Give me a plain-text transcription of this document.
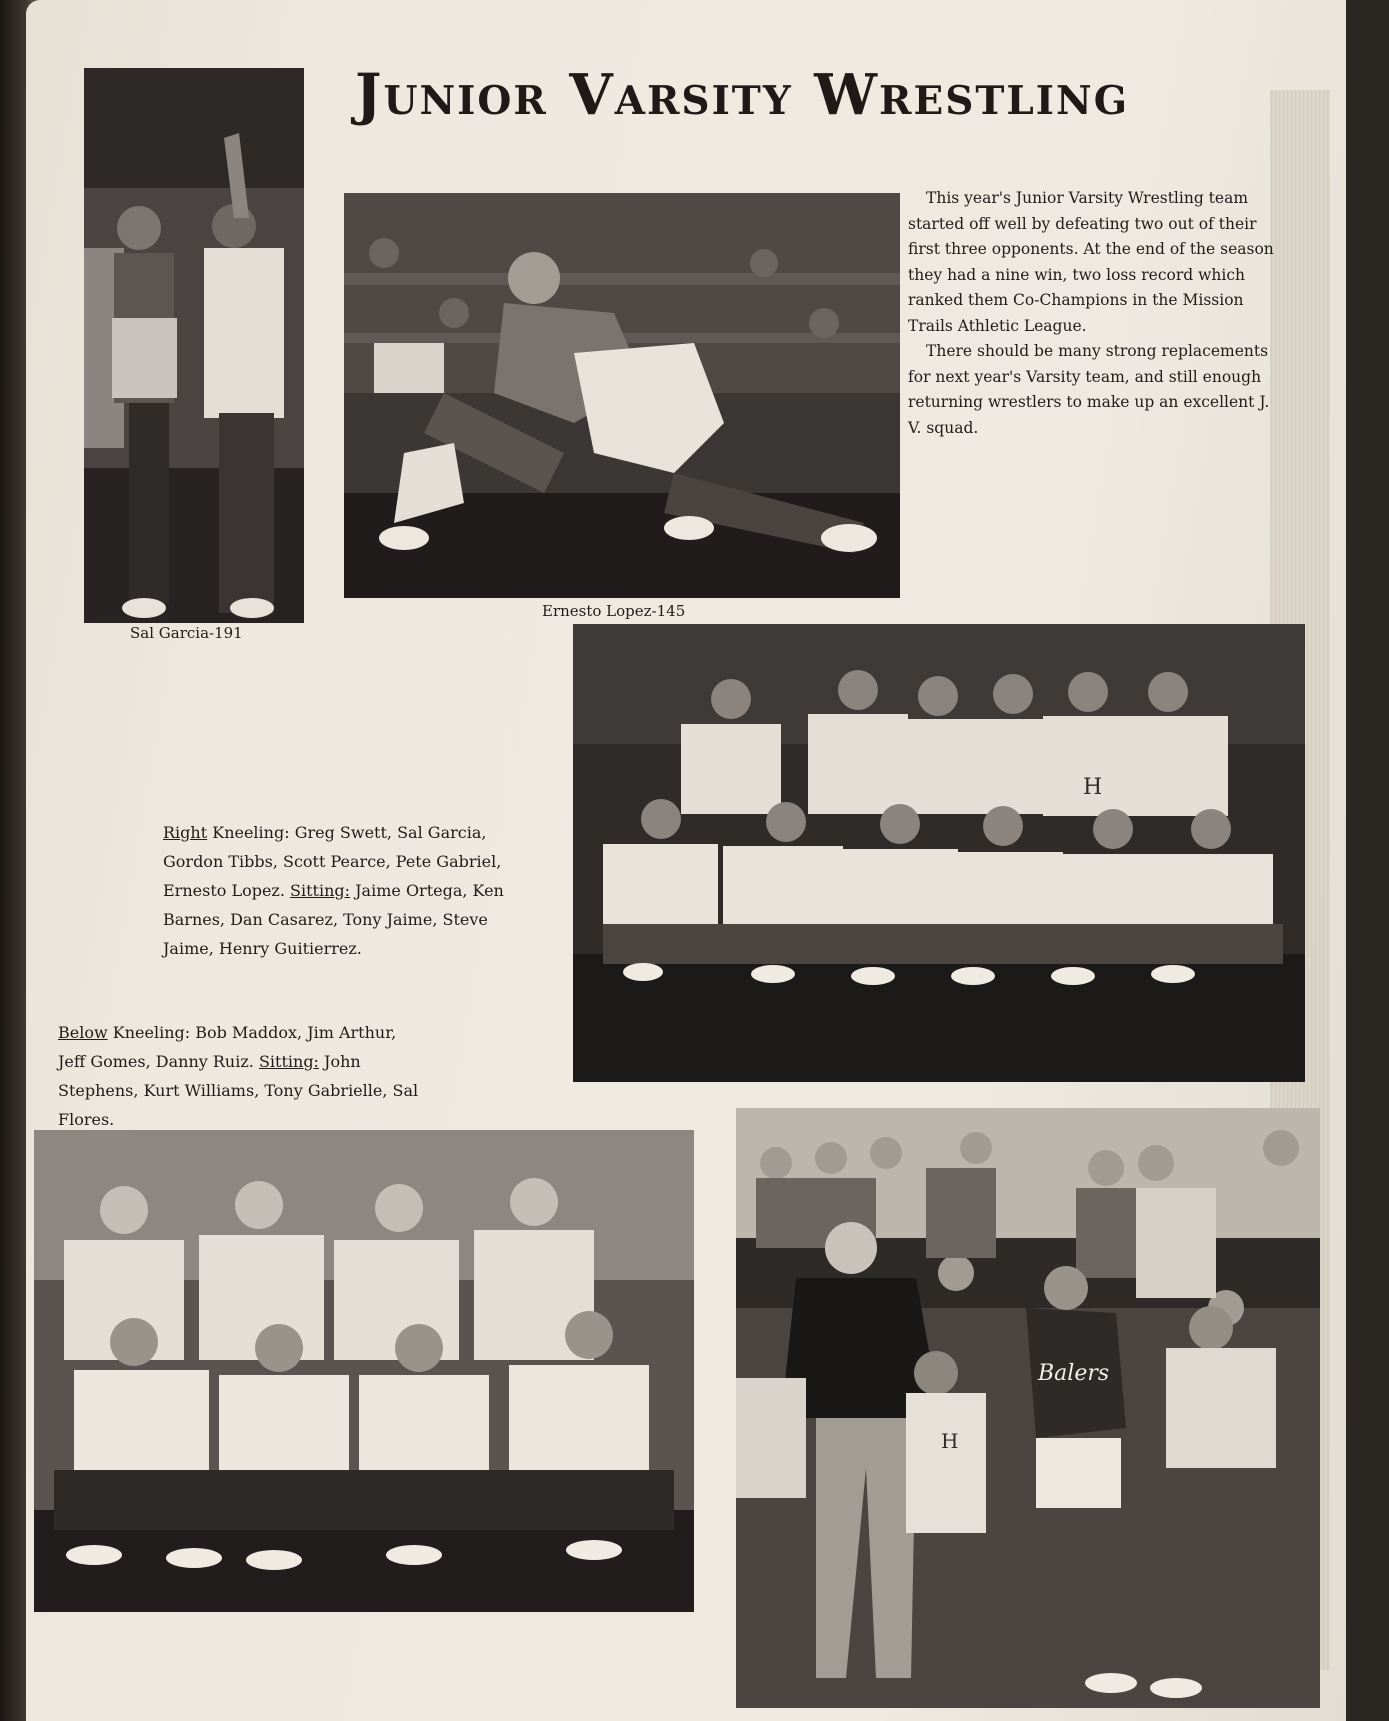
Junior Varsity Wrestling
Sal Garcia-191
Ernesto Lopez-145

This year's Junior Varsity Wrestling team started off well by defeating two out of their first three opponents. At the end of the season they had a nine win, two loss record which ranked them Co-Champions in the Mission Trails Athletic League.

There should be many strong replacements for next year's Varsity team, and still enough returning wrestlers to make up an excellent J. V. squad.

H
Right Kneeling: Greg Swett, Sal Garcia, Gordon Tibbs, Scott Pearce, Pete Gabriel, Ernesto Lopez. Sitting: Jaime Ortega, Ken Barnes, Dan Casarez, Tony Jaime, Steve Jaime, Henry Guitierrez.
Below Kneeling: Bob Maddox, Jim Arthur, Jeff Gomes, Danny Ruiz. Sitting: John Stephens, Kurt Williams, Tony Gabrielle, Sal Flores.
Balers
H
